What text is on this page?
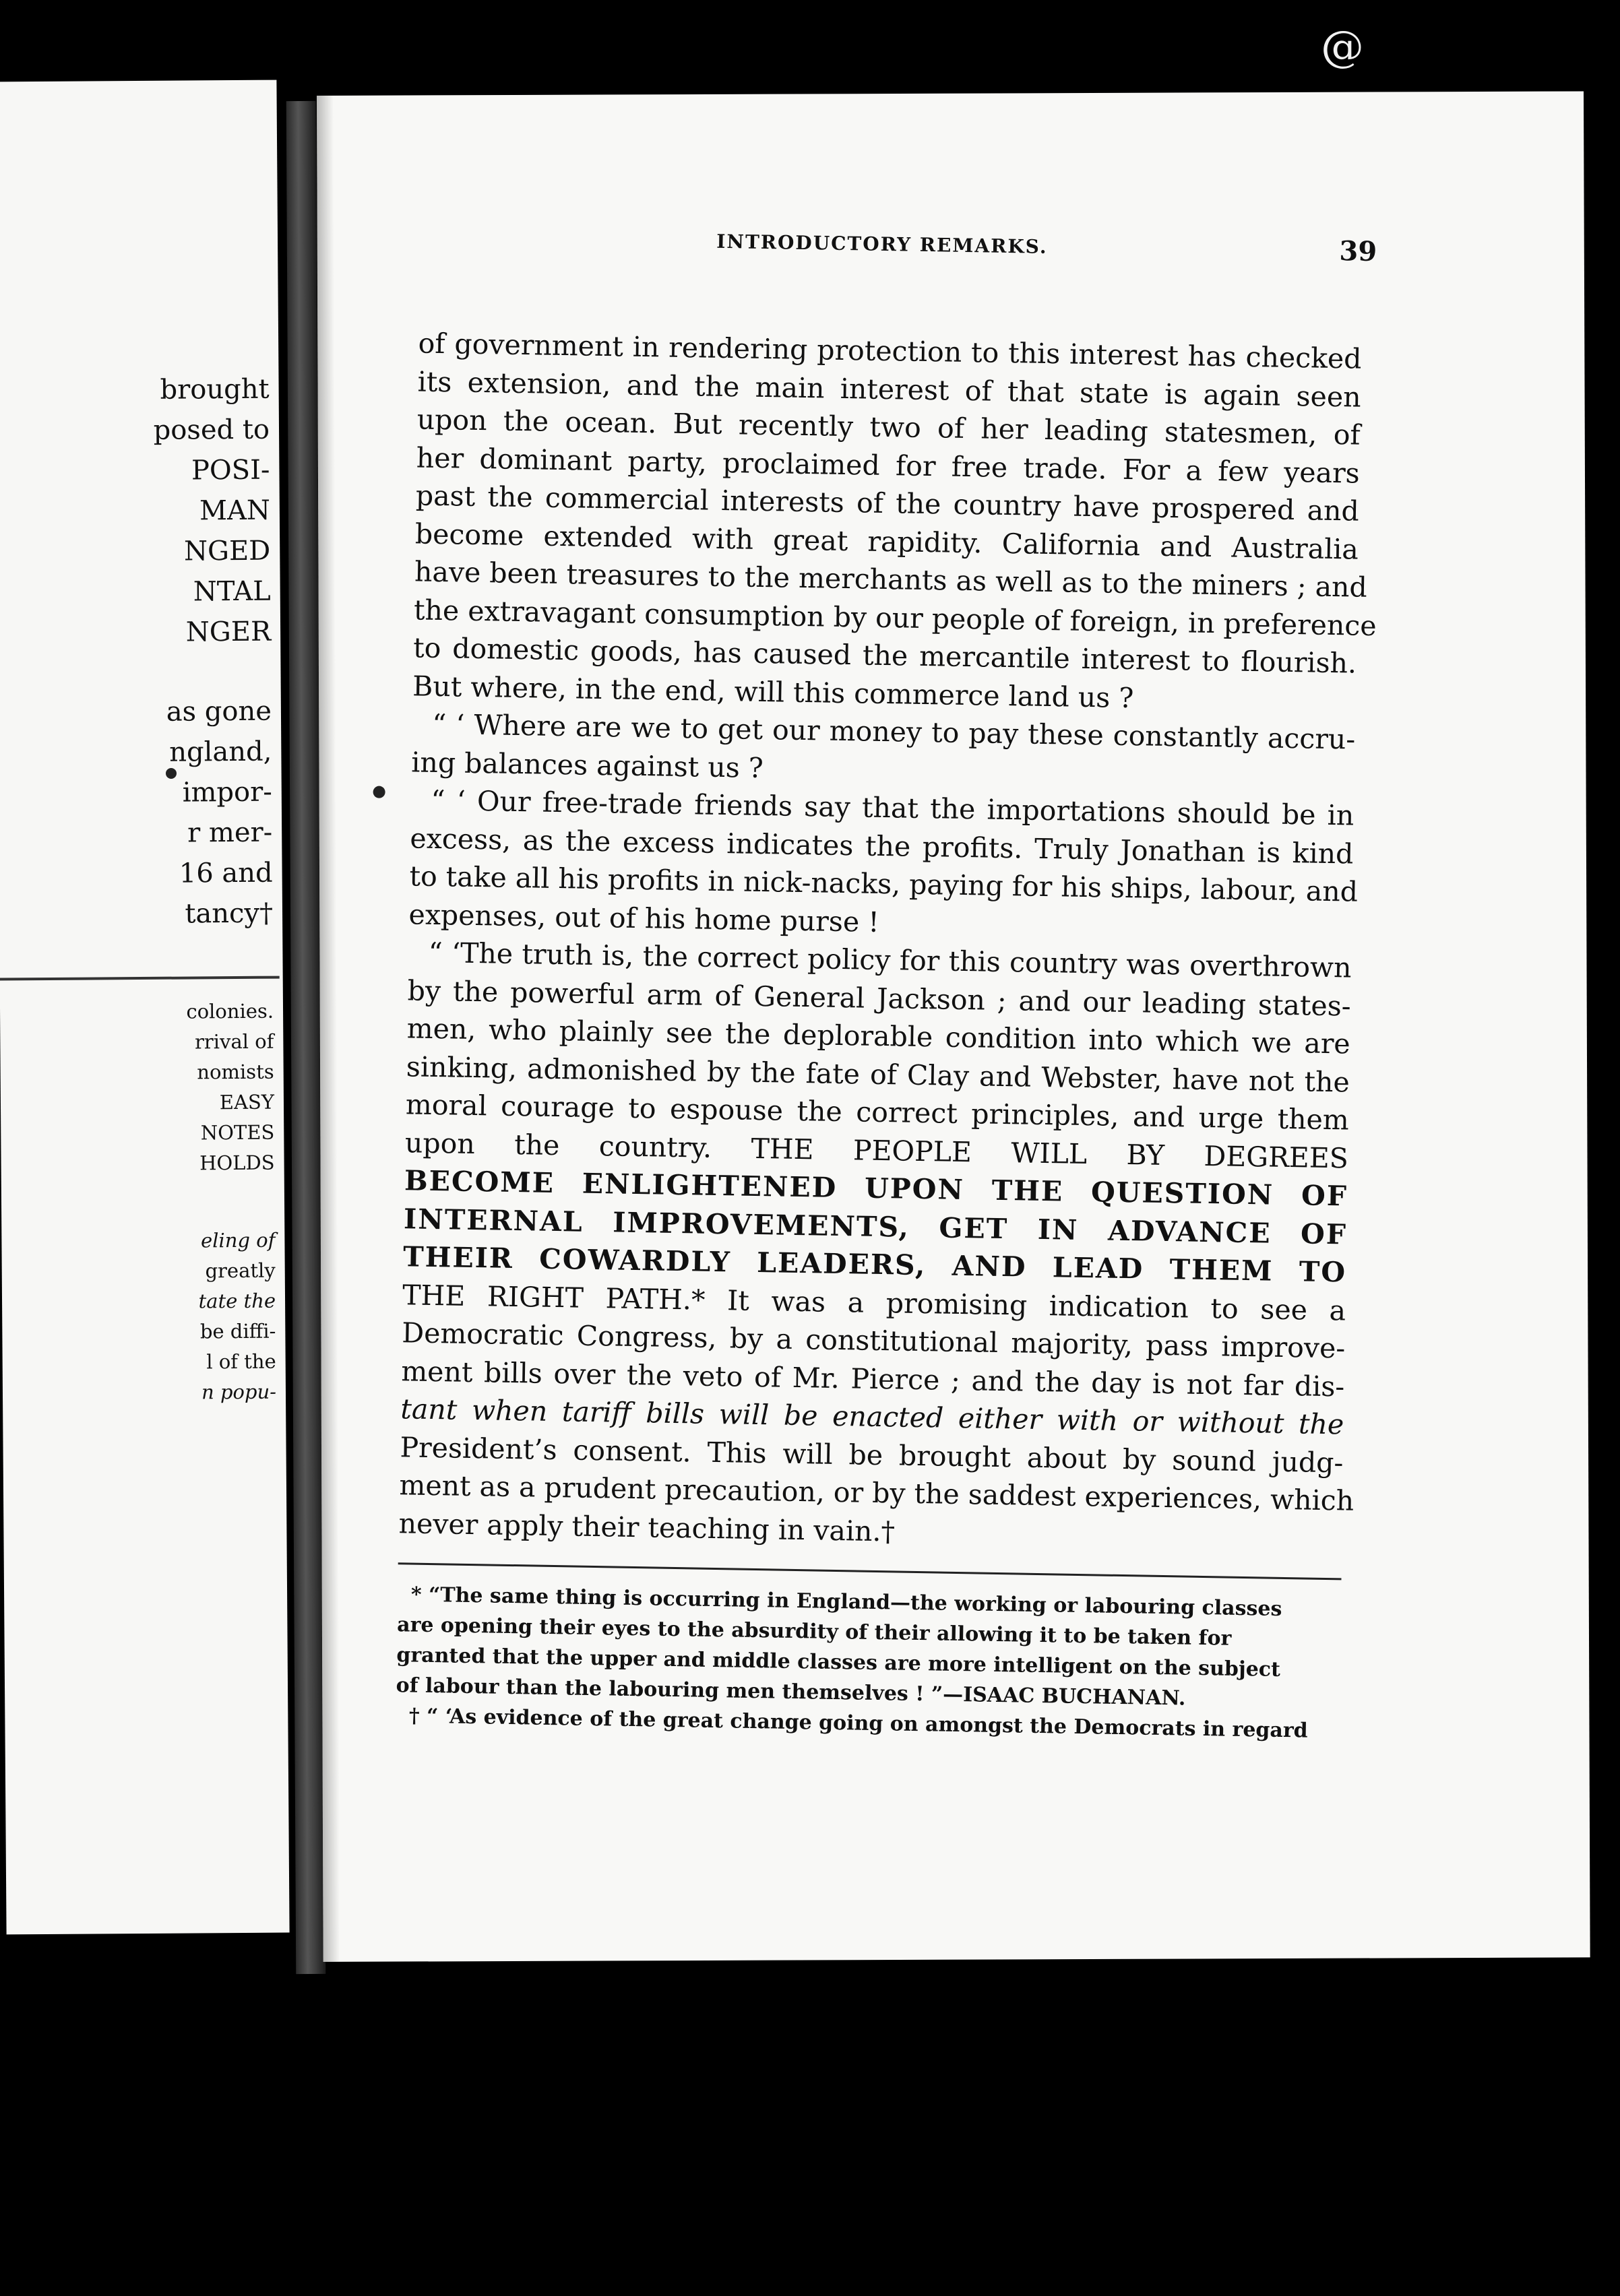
@
brought
posed to
POSI-
MAN
NGED
NTAL
NGER
as gone
ngland,
impor-
r mer-
16 and
tancy†
colonies.
rrival of
nomists
EASY
NOTES
HOLDS
eling of
greatly
tate the
be diffi-
l of the
n popu-
INTRODUCTORY REMARKS.	39
of government in rendering protection to this interest has checked
its extension, and the main interest of that state is again seen
upon the ocean. But recently two of her leading statesmen, of
her dominant party, proclaimed for free trade. For a few years
past the commercial interests of the country have prospered and
become extended with great rapidity. California and Australia
have been treasures to the merchants as well as to the miners ; and
the extravagant consumption by our people of foreign, in preference
to domestic goods, has caused the mercantile interest to flourish.
But where, in the end, will this commerce land us ?
“ ‘ Where are we to get our money to pay these constantly accru-
ing balances against us ?
“ ‘ Our free-trade friends say that the importations should be in
excess, as the excess indicates the profits. Truly Jonathan is kind
to take all his profits in nick-nacks, paying for his ships, labour, and
expenses, out of his home purse !
“ ‘The truth is, the correct policy for this country was overthrown
by the powerful arm of General Jackson ; and our leading states-
men, who plainly see the deplorable condition into which we are
sinking, admonished by the fate of Clay and Webster, have not the
moral courage to espouse the correct principles, and urge them
upon the country. THE PEOPLE WILL BY DEGREES
BECOME ENLIGHTENED UPON THE QUESTION OF
INTERNAL IMPROVEMENTS, GET IN ADVANCE OF
THEIR COWARDLY LEADERS, AND LEAD THEM TO
THE RIGHT PATH.* It was a promising indication to see a
Democratic Congress, by a constitutional majority, pass improve-
ment bills over the veto of Mr. Pierce ; and the day is not far dis-
tant when tariff bills will be enacted either with or without the
President’s consent. This will be brought about by sound judg-
ment as a prudent precaution, or by the saddest experiences, which
never apply their teaching in vain.†
* “The same thing is occurring in England—the working or labouring classes
are opening their eyes to the absurdity of their allowing it to be taken for
granted that the upper and middle classes are more intelligent on the subject
of labour than the labouring men themselves ! ”—ISAAC BUCHANAN.
† “ ‘As evidence of the great change going on amongst the Democrats in regard
